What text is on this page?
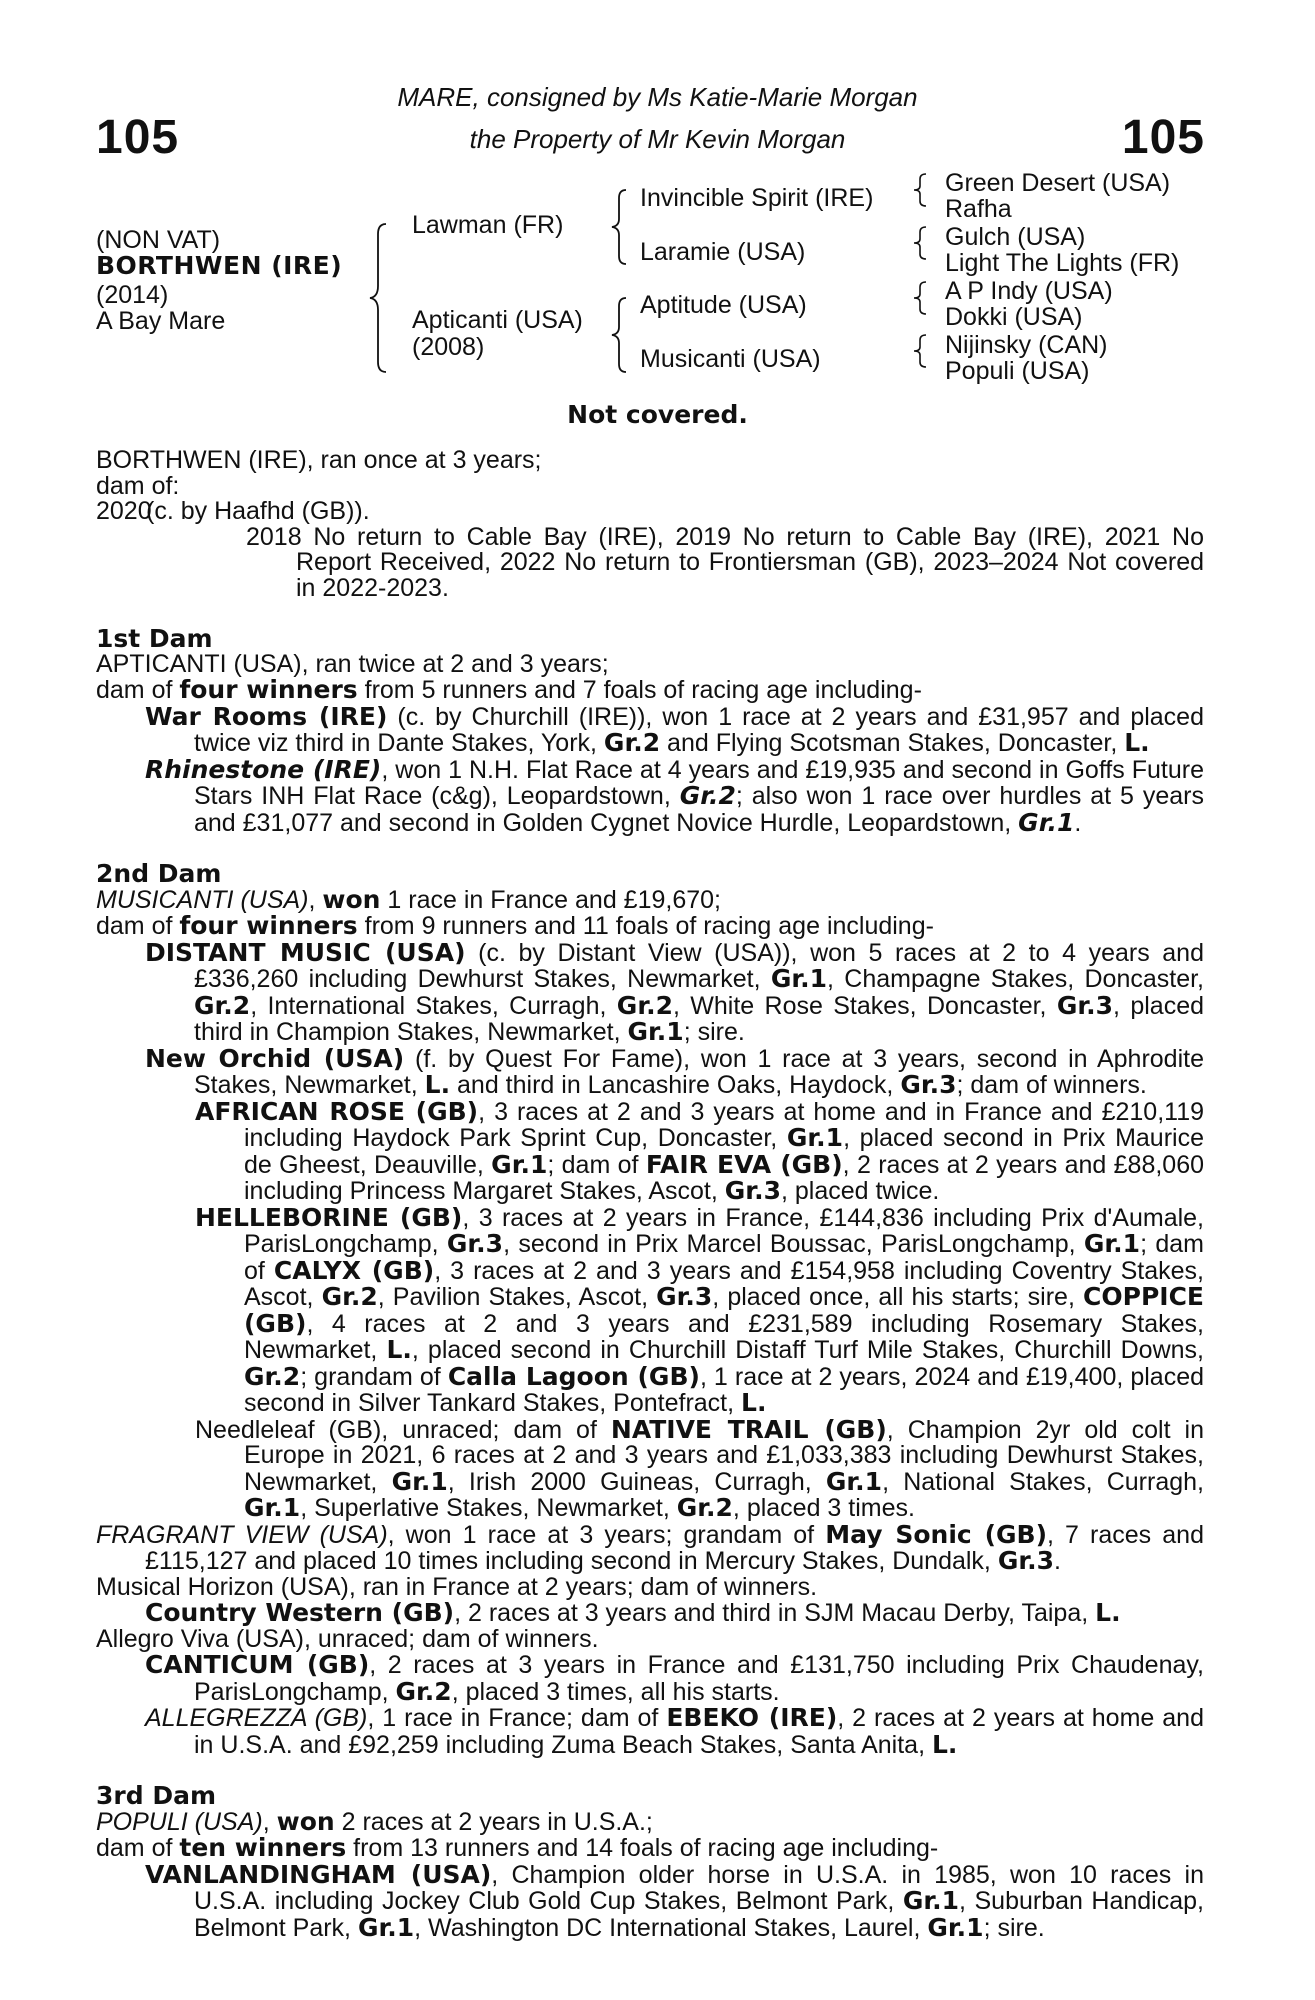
105	105
MARE, consigned by Ms Katie-Marie Morgan
the Property of Mr Kevin Morgan
(NON VAT)
BORTHWEN (IRE)
(2014)
A Bay Mare
Lawman (FR)
Apticanti (USA)
(2008)
Invincible Spirit (IRE)
Laramie (USA)
Aptitude (USA)
Musicanti (USA)
Green Desert (USA)
Rafha
Gulch (USA)
Light The Lights (FR)
A P Indy (USA)
Dokki (USA)
Nijinsky (CAN)
Populi (USA)
Not covered.

BORTHWEN (IRE), ran once at 3 years;

dam of:

2020(c. by Haafhd (GB)).

2018 No return to Cable Bay (IRE), 2019 No return to Cable Bay (IRE), 2021 No Report Received, 2022 No return to Frontiersman (GB), 2023–2024 Not covered in 2022-2023.

1st Dam

APTICANTI (USA), ran twice at 2 and 3 years;

dam of four winners from 5 runners and 7 foals of racing age including-

War Rooms (IRE) (c. by Churchill (IRE)), won 1 race at 2 years and £31,957 and placed twice viz third in Dante Stakes, York, Gr.2 and Flying Scotsman Stakes, Doncaster, L.

Rhinestone (IRE), won 1 N.H. Flat Race at 4 years and £19,935 and second in Goffs Future Stars INH Flat Race (c&g), Leopardstown, Gr.2; also won 1 race over hurdles at 5 years and £31,077 and second in Golden Cygnet Novice Hurdle, Leopardstown, Gr.1.

2nd Dam

MUSICANTI (USA), won 1 race in France and £19,670;

dam of four winners from 9 runners and 11 foals of racing age including-

DISTANT MUSIC (USA) (c. by Distant View (USA)), won 5 races at 2 to 4 years and £336,260 including Dewhurst Stakes, Newmarket, Gr.1, Champagne Stakes, Doncaster, Gr.2, International Stakes, Curragh, Gr.2, White Rose Stakes, Doncaster, Gr.3, placed third in Champion Stakes, Newmarket, Gr.1; sire.

New Orchid (USA) (f. by Quest For Fame), won 1 race at 3 years, second in Aphrodite Stakes, Newmarket, L. and third in Lancashire Oaks, Haydock, Gr.3; dam of winners.

AFRICAN ROSE (GB), 3 races at 2 and 3 years at home and in France and £210,119 including Haydock Park Sprint Cup, Doncaster, Gr.1, placed second in Prix Maurice de Gheest, Deauville, Gr.1; dam of FAIR EVA (GB), 2 races at 2 years and £88,060 including Princess Margaret Stakes, Ascot, Gr.3, placed twice.

HELLEBORINE (GB), 3 races at 2 years in France, £144,836 including Prix d'Aumale, ParisLongchamp, Gr.3, second in Prix Marcel Boussac, ParisLongchamp, Gr.1; dam of CALYX (GB), 3 races at 2 and 3 years and £154,958 including Coventry Stakes, Ascot, Gr.2, Pavilion Stakes, Ascot, Gr.3, placed once, all his starts; sire, COPPICE (GB), 4 races at 2 and 3 years and £231,589 including Rosemary Stakes, Newmarket, L., placed second in Churchill Distaff Turf Mile Stakes, Churchill Downs, Gr.2; grandam of Calla Lagoon (GB), 1 race at 2 years, 2024 and £19,400, placed second in Silver Tankard Stakes, Pontefract, L.

Needleleaf (GB), unraced; dam of NATIVE TRAIL (GB), Champion 2yr old colt in Europe in 2021, 6 races at 2 and 3 years and £1,033,383 including Dewhurst Stakes, Newmarket, Gr.1, Irish 2000 Guineas, Curragh, Gr.1, National Stakes, Curragh, Gr.1, Superlative Stakes, Newmarket, Gr.2, placed 3 times.

FRAGRANT VIEW (USA), won 1 race at 3 years; grandam of May Sonic (GB), 7 races and £115,127 and placed 10 times including second in Mercury Stakes, Dundalk, Gr.3.

Musical Horizon (USA), ran in France at 2 years; dam of winners.

Country Western (GB), 2 races at 3 years and third in SJM Macau Derby, Taipa, L.

Allegro Viva (USA), unraced; dam of winners.

CANTICUM (GB), 2 races at 3 years in France and £131,750 including Prix Chaudenay, ParisLongchamp, Gr.2, placed 3 times, all his starts.

ALLEGREZZA (GB), 1 race in France; dam of EBEKO (IRE), 2 races at 2 years at home and in U.S.A. and £92,259 including Zuma Beach Stakes, Santa Anita, L.

3rd Dam

POPULI (USA), won 2 races at 2 years in U.S.A.;

dam of ten winners from 13 runners and 14 foals of racing age including-

VANLANDINGHAM (USA), Champion older horse in U.S.A. in 1985, won 10 races in U.S.A. including Jockey Club Gold Cup Stakes, Belmont Park, Gr.1, Suburban Handicap, Belmont Park, Gr.1, Washington DC International Stakes, Laurel, Gr.1; sire.
